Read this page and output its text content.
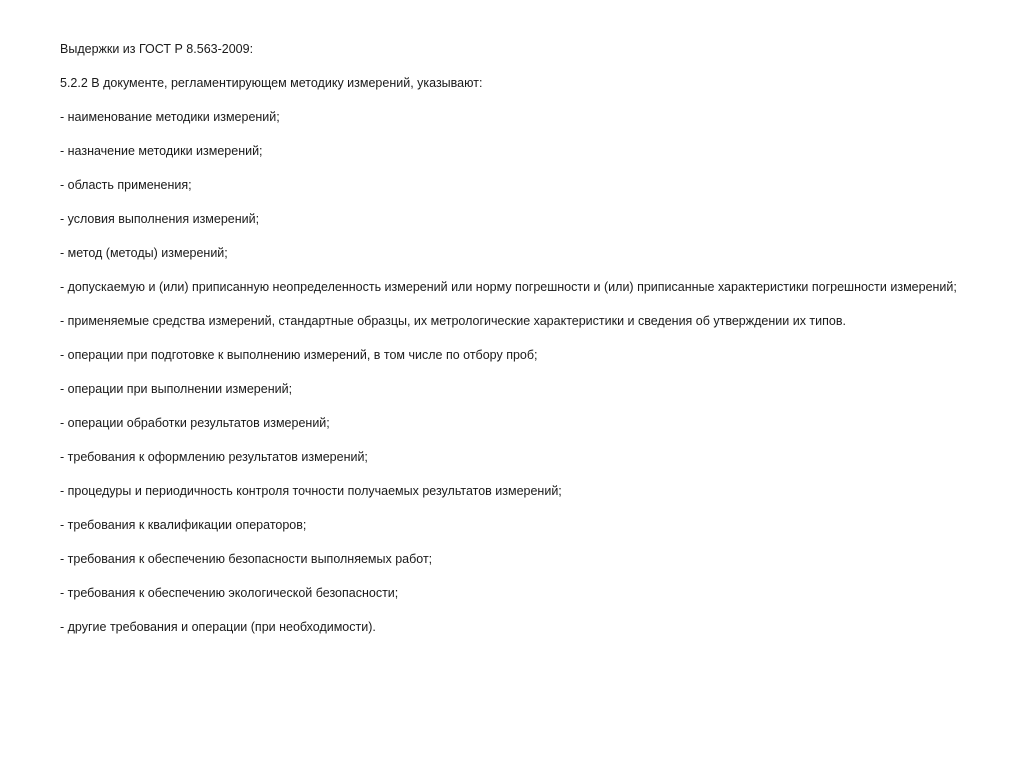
Выдержки из ГОСТ Р 8.563-2009:

5.2.2 В документе, регламентирующем методику измерений, указывают:

- наименование методики измерений;
- назначение методики измерений;
- область применения;
- условия выполнения измерений;
- метод (методы) измерений;
- допускаемую и (или) приписанную неопределенность измерений или норму погрешности и (или) приписанные характеристики погрешности измерений;
- применяемые средства измерений, стандартные образцы, их метрологические характеристики и сведения об утверждении их типов.
- операции при подготовке к выполнению измерений, в том числе по отбору проб;
- операции при выполнении измерений;
- операции обработки результатов измерений;
- требования к оформлению результатов измерений;
- процедуры и периодичность контроля точности получаемых результатов измерений;
- требования к квалификации операторов;
- требования к обеспечению безопасности выполняемых работ;
- требования к обеспечению экологической безопасности;
- другие требования и операции (при необходимости).
